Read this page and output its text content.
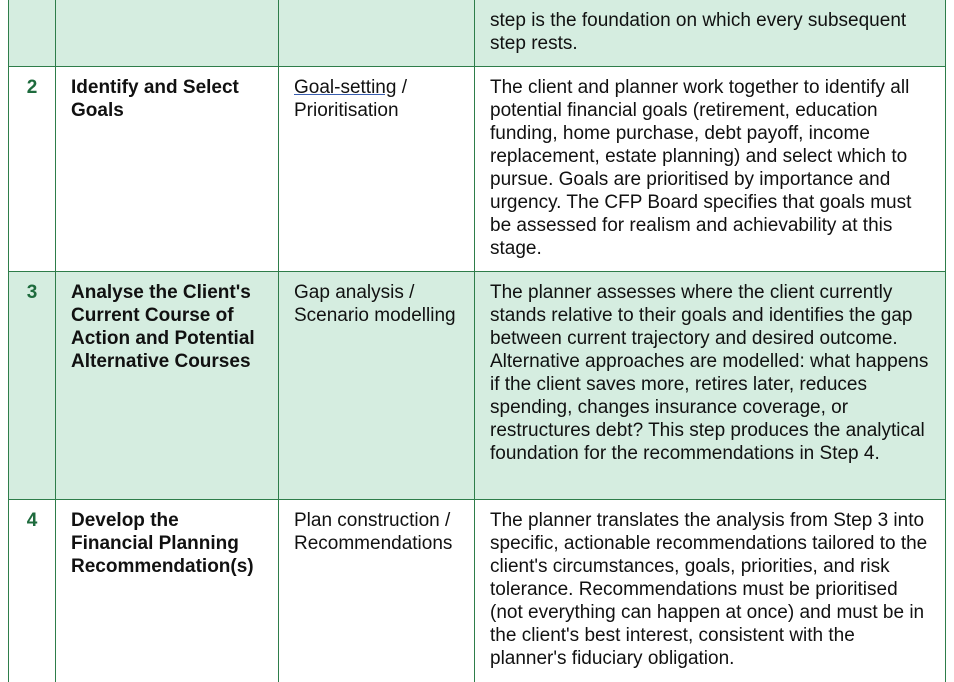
			step is the foundation on which every subsequent step rests.
2	Identify and Select Goals	Goal-setting / Prioritisation	The client and planner work together to identify all potential financial goals (retirement, education funding, home purchase, debt payoff, income replacement, estate planning) and select which to pursue. Goals are prioritised by importance and urgency. The CFP Board specifies that goals must be assessed for realism and achievability at this stage.
3	Analyse the Client's Current Course of Action and Potential Alternative Courses	Gap analysis / Scenario modelling	The planner assesses where the client currently stands relative to their goals and identifies the gap between current trajectory and desired outcome. Alternative approaches are modelled: what happens if the client saves more, retires later, reduces spending, changes insurance coverage, or restructures debt? This step produces the analytical foundation for the recommendations in Step 4.
4	Develop the Financial Planning Recommendation(s)	Plan construction / Recommendations	The planner translates the analysis from Step 3 into specific, actionable recommendations tailored to the client's circumstances, goals, priorities, and risk tolerance. Recommendations must be prioritised (not everything can happen at once) and must be in the client's best interest, consistent with the planner's fiduciary obligation.
